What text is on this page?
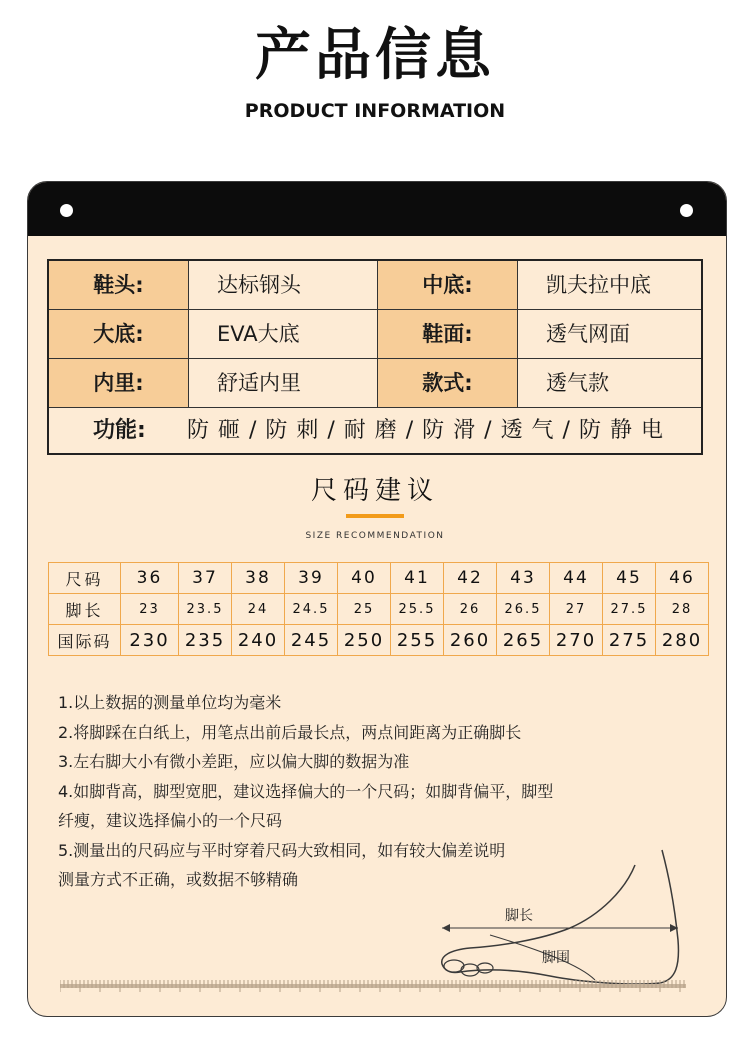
产品信息
PRODUCT INFORMATION
鞋头:	达标钢头	中底:	凯夫拉中底
大底:	EVA大底	鞋面:	透气网面
内里:	舒适内里	款式:	透气款
功能: 防 砸 / 防 刺 / 耐 磨 / 防 滑 / 透 气 / 防 静 电
尺码建议
SIZE RECOMMENDATION
尺码	36	37	38	39	40	41	42	43	44	45	46
脚长	23	23.5	24	24.5	25	25.5	26	26.5	27	27.5	28
国际码	230	235	240	245	250	255	260	265	270	275	280
1.以上数据的测量单位均为毫米
2.将脚踩在白纸上，用笔点出前后最长点，两点间距离为正确脚长
3.左右脚大小有微小差距，应以偏大脚的数据为准
4.如脚背高，脚型宽肥，建议选择偏大的一个尺码；如脚背偏平，脚型
纤瘦，建议选择偏小的一个尺码
5.测量出的尺码应与平时穿着尺码大致相同，如有较大偏差说明
测量方式不正确，或数据不够精确
脚长
脚围
